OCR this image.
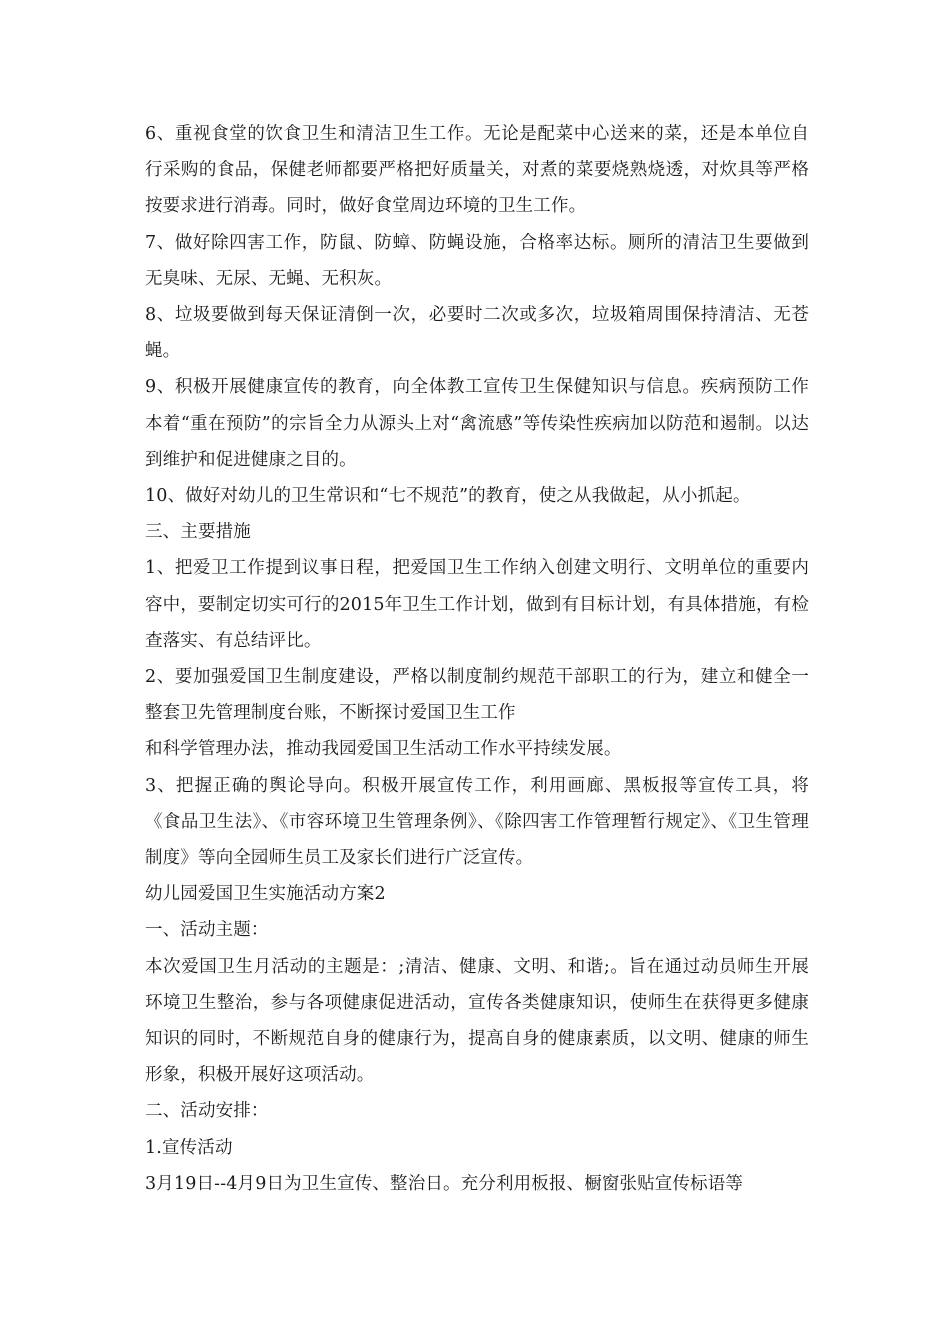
6、重视食堂的饮食卫生和清洁卫生工作。无论是配菜中心送来的菜，还是本单位自行采购的食品，保健老师都要严格把好质量关，对煮的菜要烧熟烧透，对炊具等严格按要求进行消毒。同时，做好食堂周边环境的卫生工作。

7、做好除四害工作，防鼠、防蟑、防蝇设施，合格率达标。厕所的清洁卫生要做到无臭味、无尿、无蝇、无积灰。

8、垃圾要做到每天保证清倒一次，必要时二次或多次，垃圾箱周围保持清洁、无苍蝇。

9、积极开展健康宣传的教育，向全体教工宣传卫生保健知识与信息。疾病预防工作本着“重在预防”的宗旨全力从源头上对“禽流感”等传染性疾病加以防范和遏制。以达到维护和促进健康之目的。

10、做好对幼儿的卫生常识和“七不规范”的教育，使之从我做起，从小抓起。

三、主要措施

1、把爱卫工作提到议事日程，把爱国卫生工作纳入创建文明行、文明单位的重要内容中，要制定切实可行的2015年卫生工作计划，做到有目标计划，有具体措施，有检查落实、有总结评比。

2、要加强爱国卫生制度建设，严格以制度制约规范干部职工的行为，建立和健全一整套卫先管理制度台账，不断探讨爱国卫生工作

和科学管理办法，推动我园爱国卫生活动工作水平持续发展。

3、把握正确的舆论导向。积极开展宣传工作，利用画廊、黑板报等宣传工具，将《食品卫生法》、《市容环境卫生管理条例》、《除四害工作管理暂行规定》、《卫生管理制度》等向全园师生员工及家长们进行广泛宣传。

幼儿园爱国卫生实施活动方案2

一、活动主题：

本次爱国卫生月活动的主题是：;清洁、健康、文明、和谐;。旨在通过动员师生开展环境卫生整治，参与各项健康促进活动，宣传各类健康知识，使师生在获得更多健康知识的同时，不断规范自身的健康行为，提高自身的健康素质，以文明、健康的师生形象，积极开展好这项活动。

二、活动安排：

1.宣传活动

3月19日--4月9日为卫生宣传、整治日。充分利用板报、橱窗张贴宣传标语等
